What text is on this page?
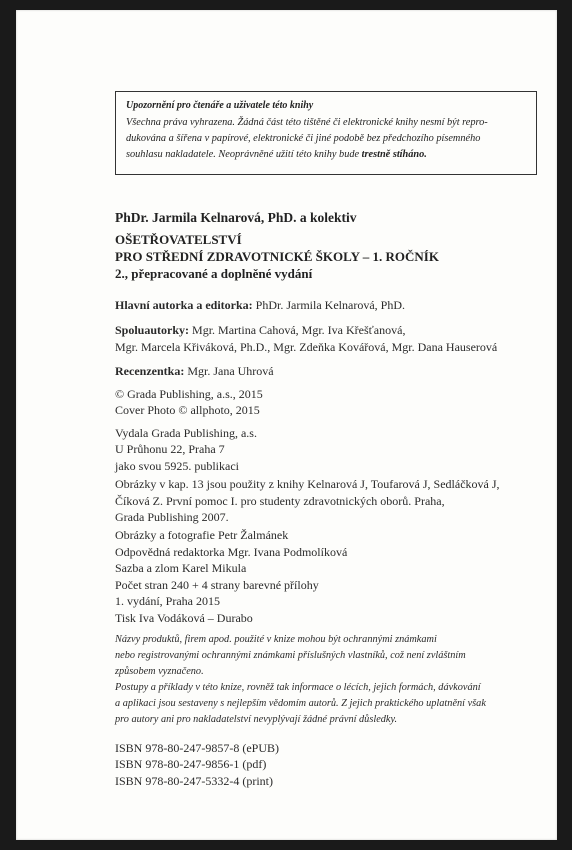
Upozornění pro čtenáře a uživatele této knihy
Všechna práva vyhrazena. Žádná část této tištěné či elektronické knihy nesmí být repro-
dukována a šířena v papírové, elektronické či jiné podobě bez předchozího písemného
souhlasu nakladatele. Neoprávněné užití této knihy bude trestně stíháno.
PhDr. Jarmila Kelnarová, PhD. a kolektiv
OŠETŘOVATELSTVÍ
PRO STŘEDNÍ ZDRAVOTNICKÉ ŠKOLY – 1. ROČNÍK
2., přepracované a doplněné vydání
Hlavní autorka a editorka: PhDr. Jarmila Kelnarová, PhD.
Spoluautorky: Mgr. Martina Cahová, Mgr. Iva Křešťanová,
Mgr. Marcela Křiváková, Ph.D., Mgr. Zdeňka Kovářová, Mgr. Dana Hauserová
Recenzentka: Mgr. Jana Uhrová
© Grada Publishing, a.s., 2015
Cover Photo © allphoto, 2015
Vydala Grada Publishing, a.s.
U Průhonu 22, Praha 7
jako svou 5925. publikaci
Obrázky v kap. 13 jsou použity z knihy Kelnarová J, Toufarová J, Sedláčková J,
Číková Z. První pomoc I. pro studenty zdravotnických oborů. Praha,
Grada Publishing 2007.
Obrázky a fotografie Petr Žalmánek
Odpovědná redaktorka Mgr. Ivana Podmolíková
Sazba a zlom Karel Mikula
Počet stran 240 + 4 strany barevné přílohy
1. vydání, Praha 2015
Tisk Iva Vodáková – Durabo
Názvy produktů, firem apod. použité v knize mohou být ochrannými známkami
nebo registrovanými ochrannými známkami příslušných vlastníků, což není zvláštním
způsobem vyznačeno.
Postupy a příklady v této knize, rovněž tak informace o lécích, jejich formách, dávkování
a aplikaci jsou sestaveny s nejlepším vědomím autorů. Z jejich praktického uplatnění však
pro autory ani pro nakladatelství nevyplývají žádné právní důsledky.
ISBN 978-80-247-9857-8 (ePUB)
ISBN 978-80-247-9856-1 (pdf)
ISBN 978-80-247-5332-4 (print)
